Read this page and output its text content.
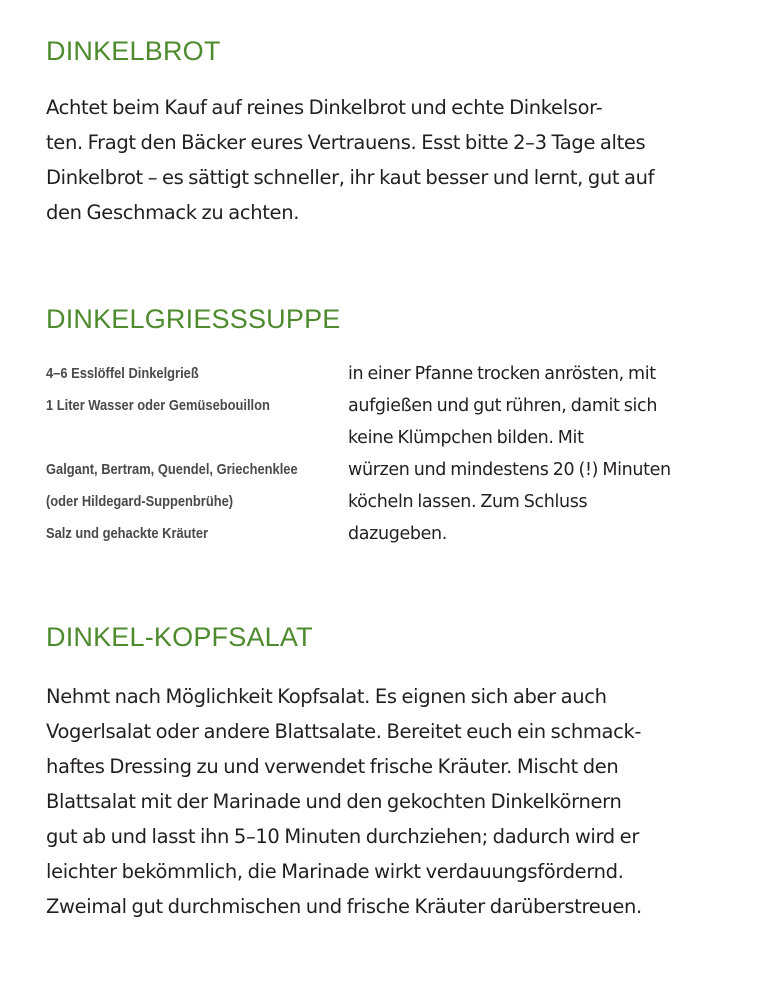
DINKELBROT

Achtet beim Kauf auf reines Dinkelbrot und echte Dinkelsor-

ten. Fragt den Bäcker eures Vertrauens. Esst bitte 2–3 Tage altes

Dinkelbrot – es sättigt schneller, ihr kaut besser und lernt, gut auf

den Geschmack zu achten.

DINKELGRIESSSUPPE
4–6 Esslöffel Dinkelgrieß
1 Liter Wasser oder Gemüsebouillon
Galgant, Bertram, Quendel, Griechenklee
(oder Hildegard-Suppenbrühe)
Salz und gehackte Kräuter
in einer Pfanne trocken anrösten, mit
aufgießen und gut rühren, damit sich
keine Klümpchen bilden. Mit
würzen und mindestens 20 (!) Minuten
köcheln lassen. Zum Schluss
dazugeben.
DINKEL-KOPFSALAT

Nehmt nach Möglichkeit Kopfsalat. Es eignen sich aber auch

Vogerlsalat oder andere Blattsalate. Bereitet euch ein schmack-

haftes Dressing zu und verwendet frische Kräuter. Mischt den

Blattsalat mit der Marinade und den gekochten Dinkelkörnern

gut ab und lasst ihn 5–10 Minuten durchziehen; dadurch wird er

leichter bekömmlich, die Marinade wirkt verdauungsfördernd.

Zweimal gut durchmischen und frische Kräuter darüberstreuen.
